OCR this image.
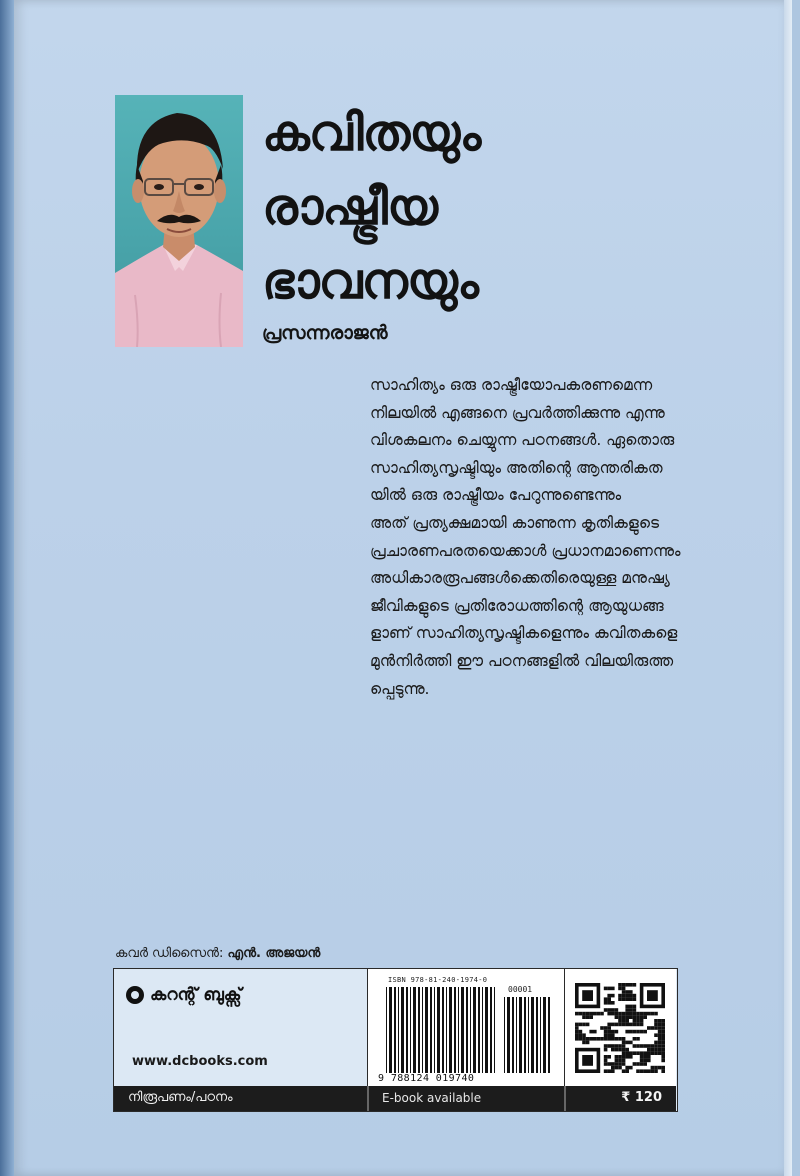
കവിതയും
രാഷ്ട്രീയ
ഭാവനയും
പ്രസന്നരാജൻ
സാഹിത്യം ഒരു രാഷ്ട്രീയോപകരണമെന്ന
നിലയിൽ എങ്ങനെ പ്രവർത്തിക്കുന്നു എന്നു
വിശകലനം ചെയ്യുന്ന പഠനങ്ങൾ. ഏതൊരു
സാഹിത്യസൃഷ്ടിയും അതിന്റെ ആന്തരികത
യിൽ ഒരു രാഷ്ട്രീയം പേറുന്നുണ്ടെന്നും
അത് പ്രത്യക്ഷമായി കാണുന്ന കൃതികളുടെ
പ്രചാരണപരതയെക്കാൾ പ്രധാനമാണെന്നും
അധികാരരൂപങ്ങൾക്കെതിരെയുള്ള മനുഷ്യ
ജീവികളുടെ പ്രതിരോധത്തിന്റെ ആയുധങ്ങ
ളാണ് സാഹിത്യസൃഷ്ടികളെന്നും കവിതകളെ
മുൻനിർത്തി ഈ പഠനങ്ങളിൽ വിലയിരുത്ത
പ്പെടുന്നു.
കവർ ഡിസൈൻ: എൻ. അജയൻ
കറന്റ് ബുക്സ്
www.dcbooks.com
ISBN 978-81-240-1974-0
00001
9 788124 019740
നിരൂപണം/പഠനം	E-book available	₹ 120
